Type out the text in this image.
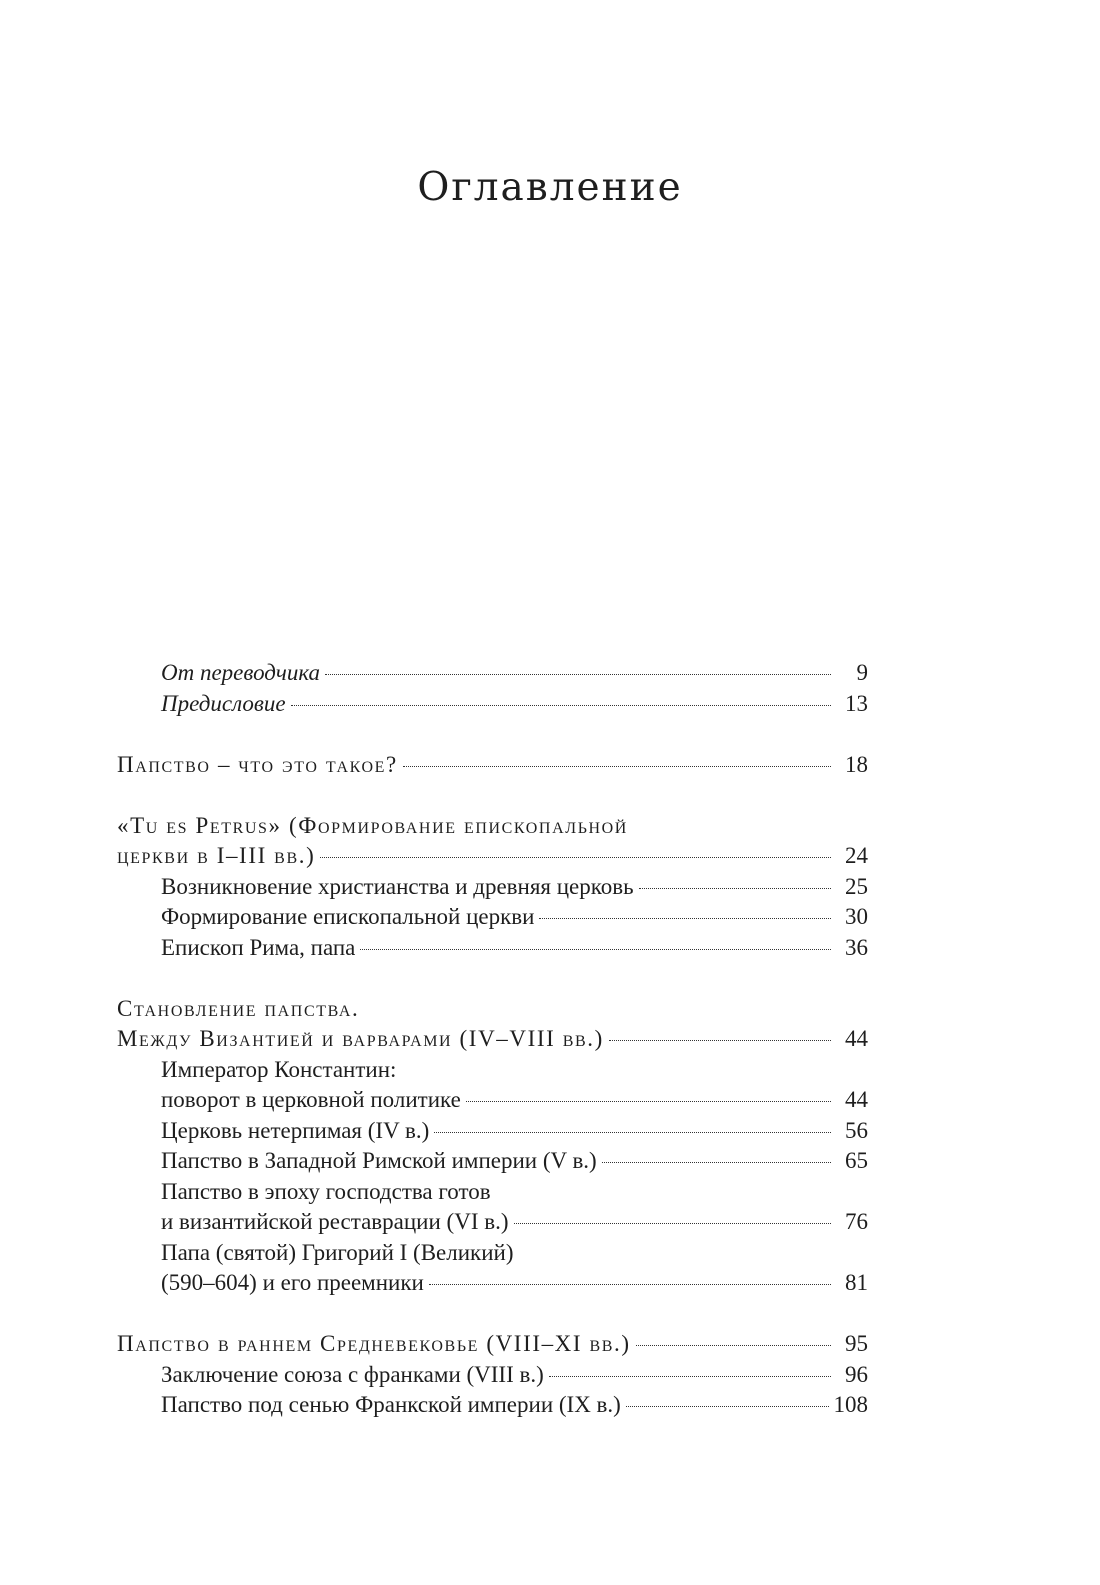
Оглавление
От переводчика	9
Предисловие	13
Папство – что это такое?	18
«Tu es Petrus» (Формирование епископальной
церкви в I–III вв.)	24
Возникновение христианства и древняя церковь	25
Формирование епископальной церкви	30
Епископ Рима, папа	36
Становление папства.
Между Византией и варварами (IV–VIII вв.)	44
Император Константин:
поворот в церковной политике	44
Церковь нетерпимая (IV в.)	56
Папство в Западной Римской империи (V в.)	65
Папство в эпоху господства готов
и византийской реставрации (VI в.)	76
Папа (святой) Григорий I (Великий)
(590–604) и его преемники	81
Папство в раннем Средневековье (VIII–XI вв.)	95
Заключение союза с франками (VIII в.)	96
Папство под сенью Франкской империи (IX в.)	108
